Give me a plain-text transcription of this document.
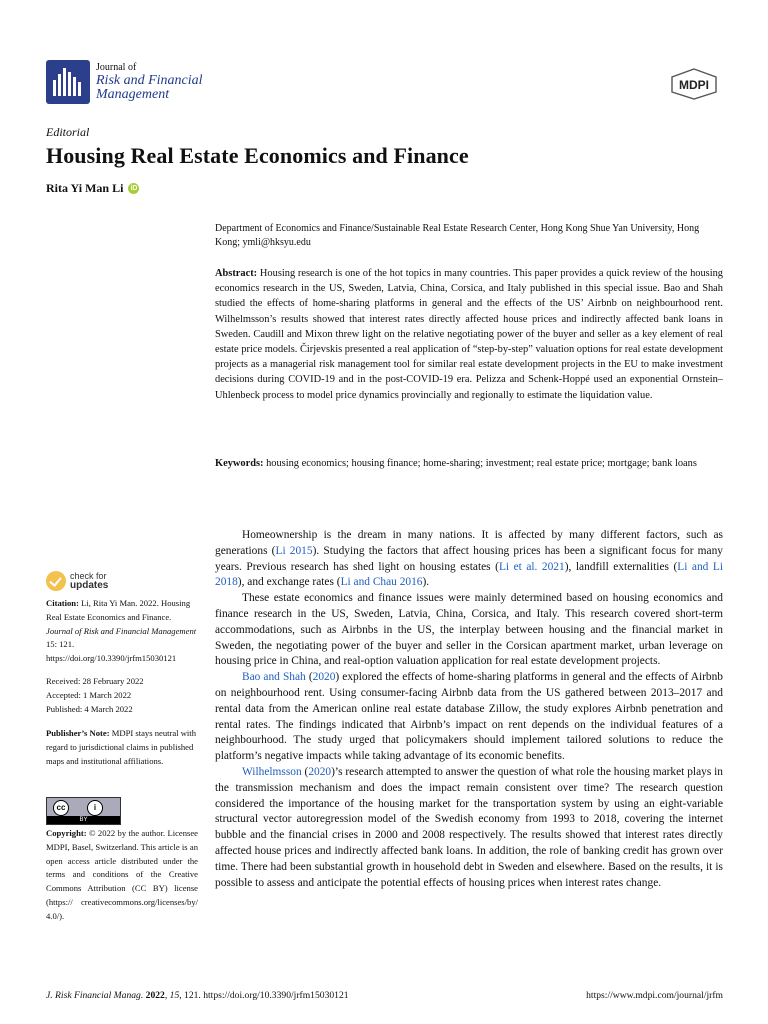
Journal of
Risk and Financial
Management
MDPI
Editorial
Housing Real Estate Economics and Finance
Rita Yi Man Li iD
Department of Economics and Finance/Sustainable Real Estate Research Center, Hong Kong Shue Yan University, Hong Kong; ymli@hksyu.edu
Abstract: Housing research is one of the hot topics in many countries. This paper provides a quick review of the housing economics research in the US, Sweden, Latvia, China, Corsica, and Italy published in this special issue. Bao and Shah studied the effects of home-sharing platforms in general and the effects of the US’ Airbnb on neighbourhood rent. Wilhelmsson’s results showed that interest rates directly affected house prices and indirectly affected bank loans in Sweden. Caudill and Mixon threw light on the relative negotiating power of the buyer and seller as a key element of real estate price models. Čirjevskis presented a real application of “step-by-step” valuation options for real estate development projects as a managerial risk management tool for similar real estate development projects in the EU to make investment decisions during COVID-19 and in the post-COVID-19 era. Pelizza and Schenk-Hoppé used an exponential Ornstein–Uhlenbeck process to model price dynamics provincially and regionally to estimate the liquidation value.
Keywords: housing economics; housing finance; home-sharing; investment; real estate price; mortgage; bank loans
check for
updates
Citation: Li, Rita Yi Man. 2022. Housing Real Estate Economics and Finance. Journal of Risk and Financial Management 15: 121. https://doi.org/10.3390/jrfm15030121
Received: 28 February 2022
Accepted: 1 March 2022
Published: 4 March 2022
Publisher’s Note: MDPI stays neutral with regard to jurisdictional claims in published maps and institutional affiliations.
cc	i
BY
Copyright: © 2022 by the author. Licensee MDPI, Basel, Switzerland. This article is an open access article distributed under the terms and conditions of the Creative Commons Attribution (CC BY) license (https:// creativecommons.org/licenses/by/ 4.0/).

Homeownership is the dream in many nations. It is affected by many different factors, such as generations (Li 2015). Studying the factors that affect housing prices has been a significant focus for many years. Previous research has shed light on housing estates (Li et al. 2021), landfill externalities (Li and Li 2018), and exchange rates (Li and Chau 2016).

These estate economics and finance issues were mainly determined based on housing economics and finance research in the US, Sweden, Latvia, China, Corsica, and Italy. This research covered short-term accommodations, such as Airbnbs in the US, the interplay between housing and the financial market in Sweden, the negotiating power of the buyer and seller in the Corsican apartment market, urban leverage on housing price in China, and real-option valuation application for real estate development projects.

Bao and Shah (2020) explored the effects of home-sharing platforms in general and the effects of Airbnb on neighbourhood rent. Using consumer-facing Airbnb data from the US gathered between 2013–2017 and rental data from the American online real estate database Zillow, the study explores Airbnb penetration and rental rates. The findings indicated that Airbnb’s impact on rent depends on the individual features of a neighbourhood. The study urged that policymakers should implement tailored solutions to reduce the platform’s negative impacts while taking advantage of its economic benefits.

Wilhelmsson (2020)’s research attempted to answer the question of what role the housing market plays in the transmission mechanism and does the impact remain consistent over time? The research question considered the importance of the housing market for the transportation system by using an eight-variable structural vector autoregression model of the Swedish economy from 1993 to 2018, covering the internet bubble and the financial crises in 2000 and 2008 respectively. The results showed that interest rates directly affected house prices and indirectly affected bank loans. In addition, the role of banking credit has grown over time. There had been substantial growth in household debt in Sweden and elsewhere. Based on the results, it is possible to assess and anticipate the potential effects of housing prices when interest rates change.

J. Risk Financial Manag. 2022, 15, 121. https://doi.org/10.3390/jrfm15030121	https://www.mdpi.com/journal/jrfm
